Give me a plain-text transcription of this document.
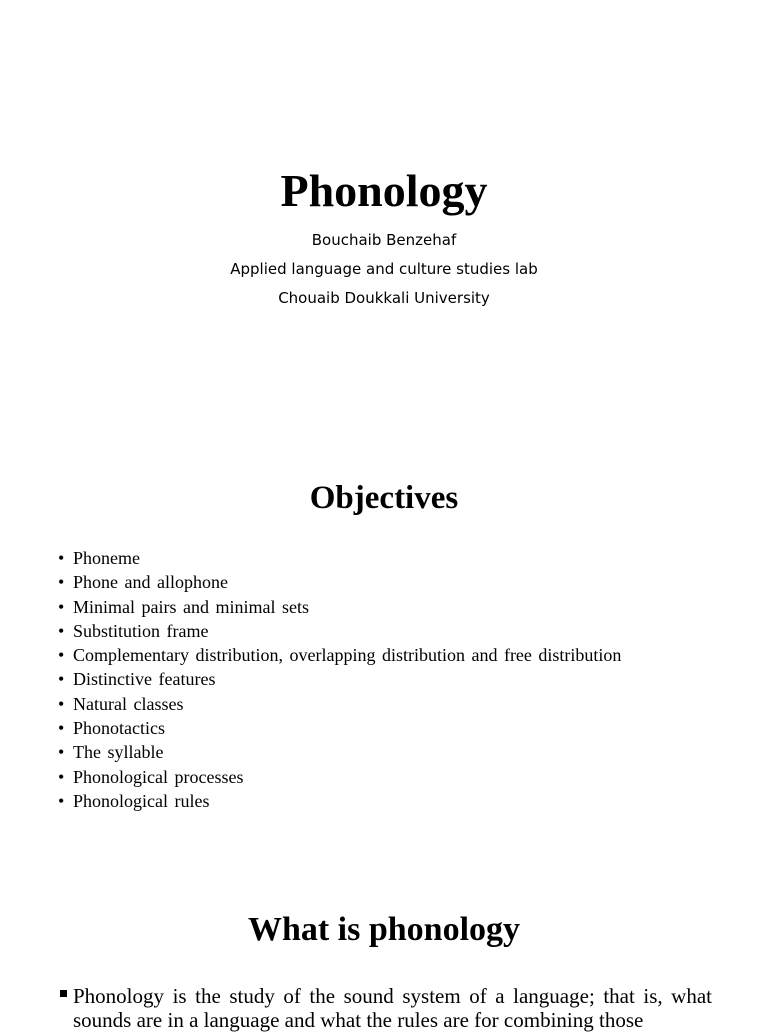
Phonology
Bouchaib Benzehaf
Applied language and culture studies lab
Chouaib Doukkali University
Objectives
• Phoneme
• Phone and allophone
• Minimal pairs and minimal sets
• Substitution frame
• Complementary distribution, overlapping distribution and free distribution
• Distinctive features
• Natural classes
• Phonotactics
• The syllable
• Phonological processes
• Phonological rules
What is phonology
Phonology is the study of the sound system of a language; that is, what sounds are in a language and what the rules are for combining those
